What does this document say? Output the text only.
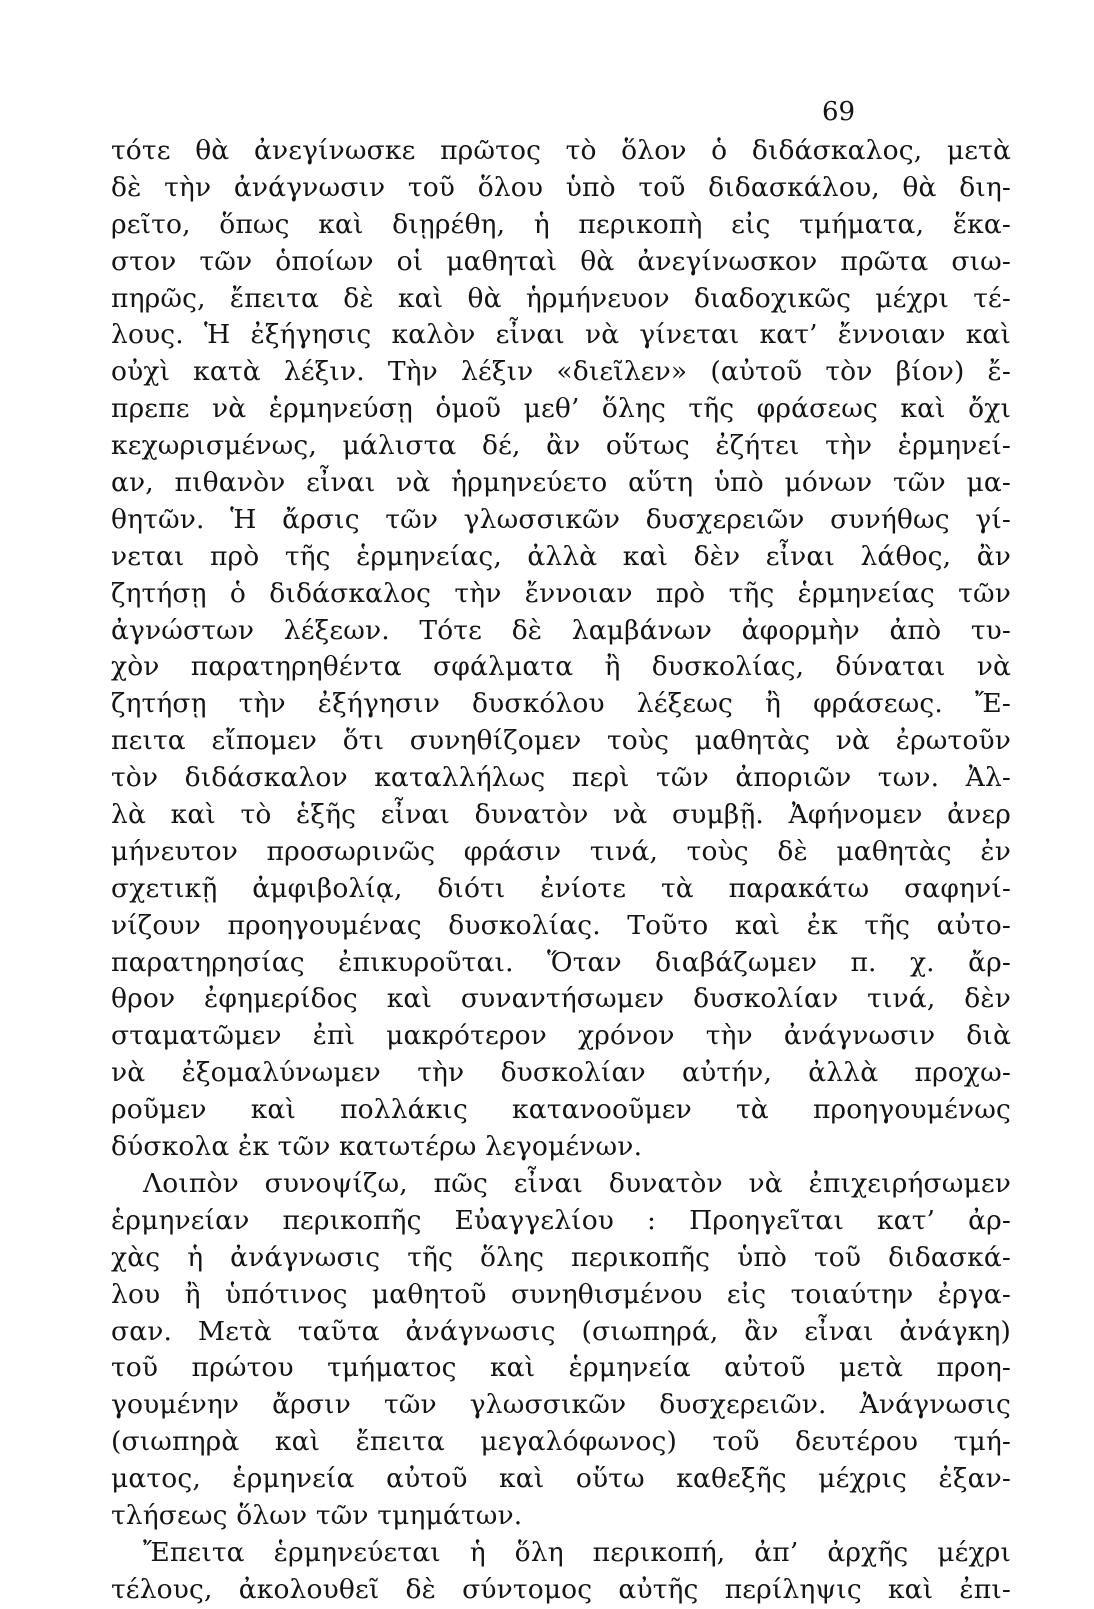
69
τότε θὰ ἀνεγίνωσκε πρῶτος τὸ ὅλον ὁ διδάσκαλος, μετὰ
δὲ τὴν ἀνάγνωσιν τοῦ ὅλου ὑπὸ τοῦ διδασκάλου, θὰ διη-
ρεῖτο, ὅπως καὶ διῃρέθη, ἡ περικοπὴ εἰς τμήματα, ἕκα-
στον τῶν ὁποίων οἱ μαθηταὶ θὰ ἀνεγίνωσκον πρῶτα σιω-
πηρῶς, ἔπειτα δὲ καὶ θὰ ἡρμήνευον διαδοχικῶς μέχρι τέ-
λους. Ἡ ἐξήγησις καλὸν εἶναι νὰ γίνεται κατ’ ἔννοιαν καὶ
οὐχὶ κατὰ λέξιν. Τὴν λέξιν «διεῖλεν» (αὐτοῦ τὸν βίον) ἔ-
πρεπε νὰ ἑρμηνεύσῃ ὁμοῦ μεθ’ ὅλης τῆς φράσεως καὶ ὄχι
κεχωρισμένως, μάλιστα δέ, ἂν οὕτως ἐζήτει τὴν ἑρμηνεί-
αν, πιθανὸν εἶναι νὰ ἡρμηνεύετο αὕτη ὑπὸ μόνων τῶν μα-
θητῶν. Ἡ ἄρσις τῶν γλωσσικῶν δυσχερειῶν συνήθως γί-
νεται πρὸ τῆς ἑρμηνείας, ἀλλὰ καὶ δὲν εἶναι λάθος, ἂν
ζητήσῃ ὁ διδάσκαλος τὴν ἔννοιαν πρὸ τῆς ἑρμηνείας τῶν
ἀγνώστων λέξεων. Τότε δὲ λαμβάνων ἀφορμὴν ἀπὸ τυ-
χὸν παρατηρηθέντα σφάλματα ἢ δυσκολίας, δύναται νὰ
ζητήσῃ τὴν ἐξήγησιν δυσκόλου λέξεως ἢ φράσεως. Ἔ-
πειτα εἴπομεν ὅτι συνηθίζομεν τοὺς μαθητὰς νὰ ἐρωτοῦν
τὸν διδάσκαλον καταλλήλως περὶ τῶν ἀποριῶν των. Ἀλ-
λὰ καὶ τὸ ἑξῆς εἶναι δυνατὸν νὰ συμβῇ. Ἀφήνομεν ἀνερ
μήνευτον προσωρινῶς φράσιν τινά, τοὺς δὲ μαθητὰς ἐν
σχετικῇ ἀμφιβολίᾳ, διότι ἐνίοτε τὰ παρακάτω σαφηνί-
νίζουν προηγουμένας δυσκολίας. Τοῦτο καὶ ἐκ τῆς αὐτο-
παρατηρησίας ἐπικυροῦται. Ὅταν διαβάζωμεν π. χ. ἄρ-
θρον ἐφημερίδος καὶ συναντήσωμεν δυσκολίαν τινά, δὲν
σταματῶμεν ἐπὶ μακρότερον χρόνον τὴν ἀνάγνωσιν διὰ
νὰ ἐξομαλύνωμεν τὴν δυσκολίαν αὐτήν, ἀλλὰ προχω-
ροῦμεν καὶ πολλάκις κατανοοῦμεν τὰ προηγουμένως
δύσκολα ἐκ τῶν κατωτέρω λεγομένων.
Λοιπὸν συνοψίζω, πῶς εἶναι δυνατὸν νὰ ἐπιχειρήσωμεν
ἑρμηνείαν περικοπῆς Εὐαγγελίου : Προηγεῖται κατ’ ἀρ-
χὰς ἡ ἀνάγνωσις τῆς ὅλης περικοπῆς ὑπὸ τοῦ διδασκά-
λου ἢ ὑπότινος μαθητοῦ συνηθισμένου εἰς τοιαύτην ἐργα-
σαν. Μετὰ ταῦτα ἀνάγνωσις (σιωπηρά, ἂν εἶναι ἀνάγκη)
τοῦ πρώτου τμήματος καὶ ἑρμηνεία αὐτοῦ μετὰ προη-
γουμένην ἄρσιν τῶν γλωσσικῶν δυσχερειῶν. Ἀνάγνωσις
(σιωπηρὰ καὶ ἔπειτα μεγαλόφωνος) τοῦ δευτέρου τμή-
ματος, ἑρμηνεία αὐτοῦ καὶ οὕτω καθεξῆς μέχρις ἐξαν-
τλήσεως ὅλων τῶν τμημάτων.
Ἔπειτα ἑρμηνεύεται ἡ ὅλη περικοπή, ἀπ’ ἀρχῆς μέχρι
τέλους, ἀκολουθεῖ δὲ σύντομος αὐτῆς περίληψις καὶ ἐπι-
